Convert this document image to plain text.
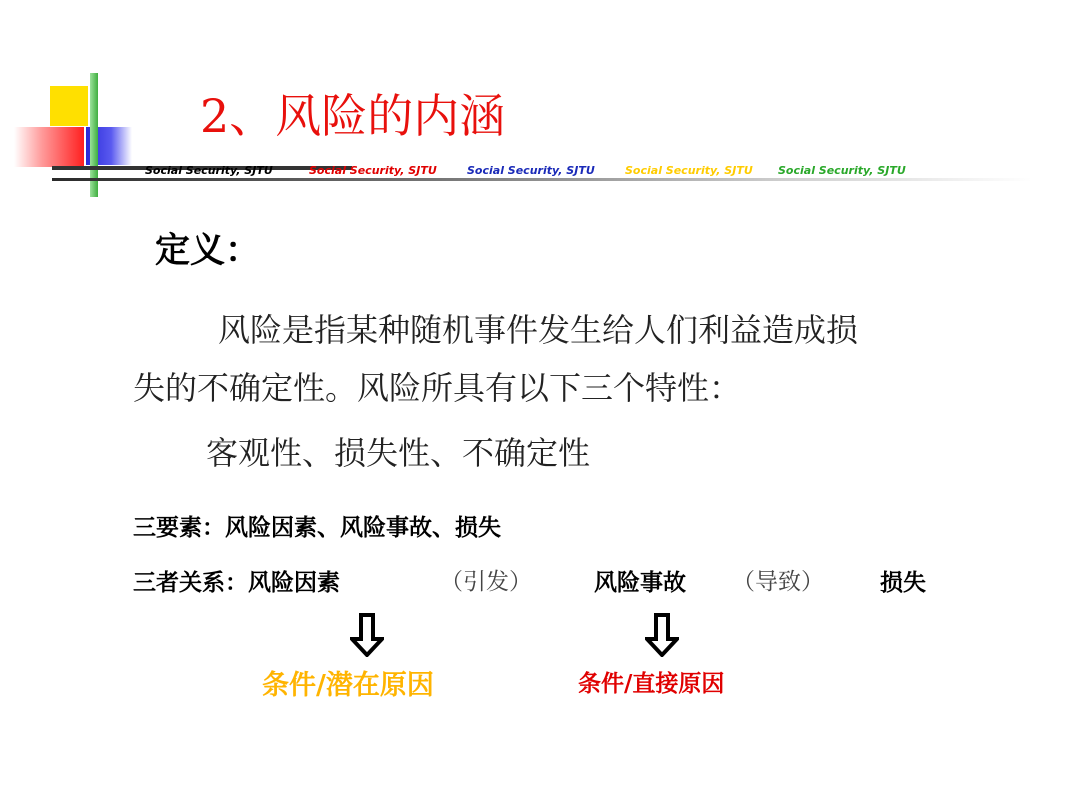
2、风险的内涵
Social Security, SJTU	Social Security, SJTU	Social Security, SJTU	Social Security, SJTU Social Security, SJTU
定义：
风险是指某种随机事件发生给人们利益造成损
失的不确定性。风险所具有以下三个特性：
客观性、损失性、不确定性
三要素：风险因素、风险事故、损失
三者关系：风险因素	（引发）	风险事故 （导致） 损失
条件/潜在原因	条件/直接原因
